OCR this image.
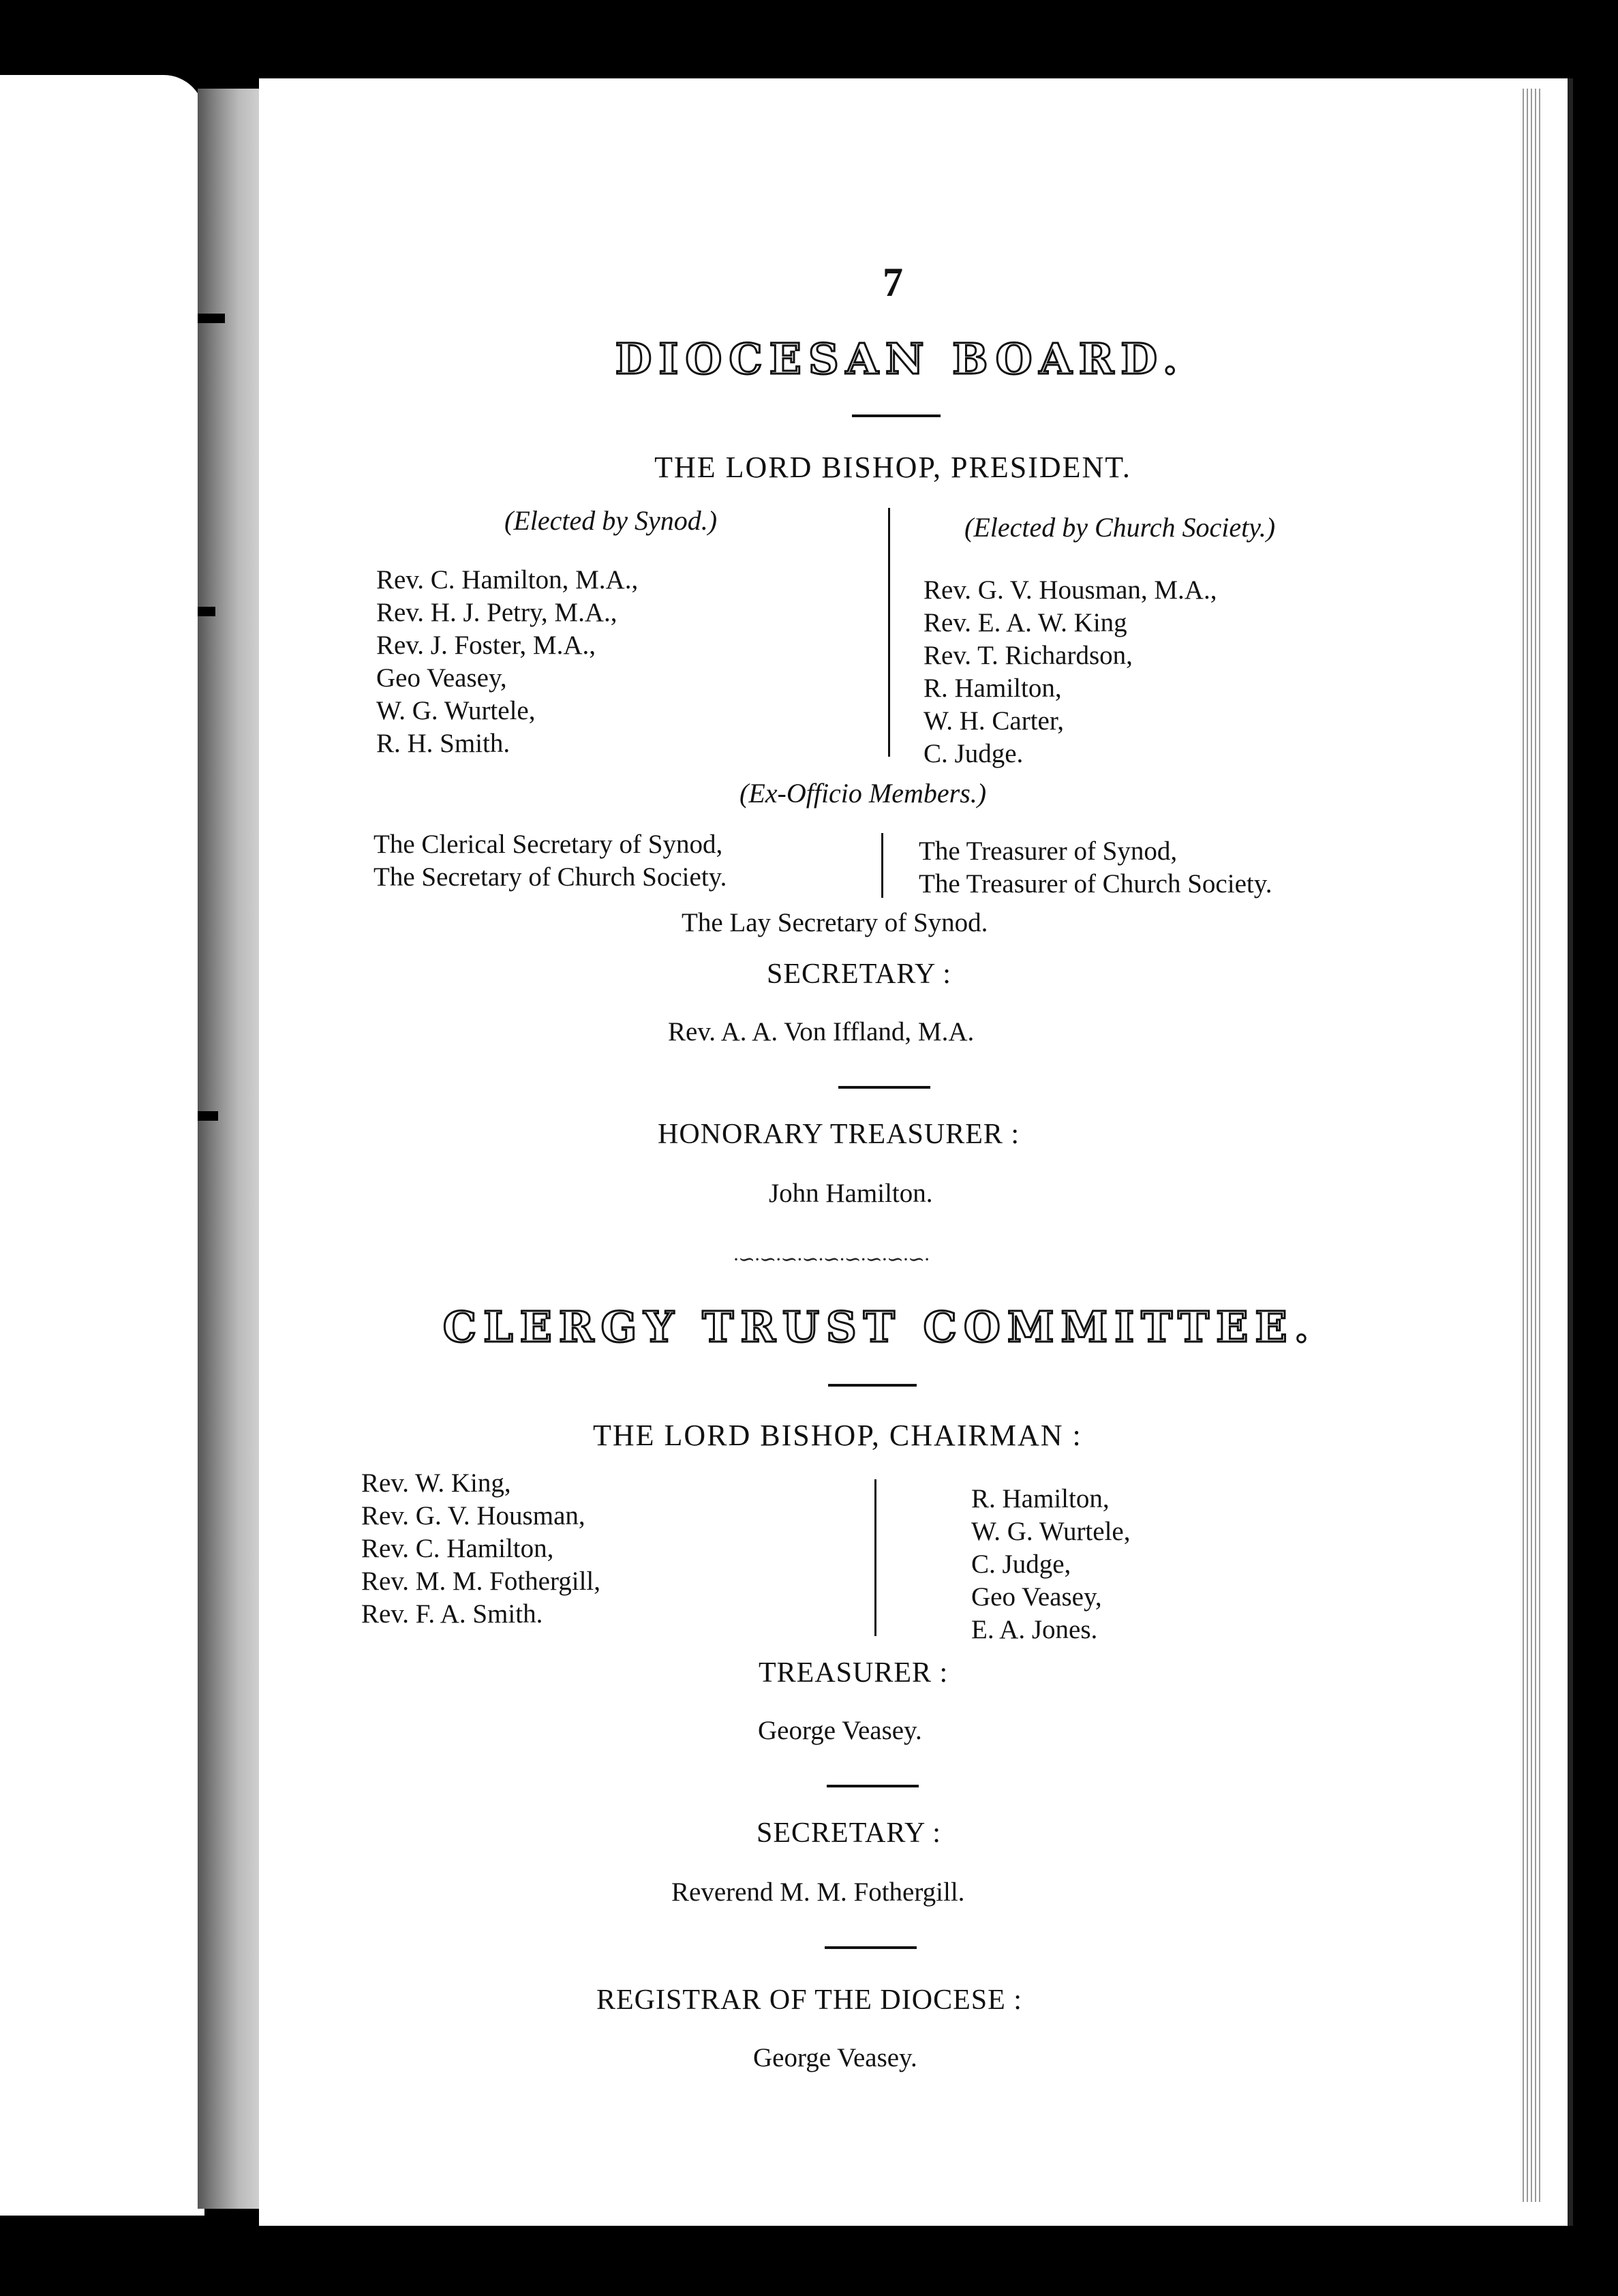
7
DIOCESAN BOARD.
THE LORD BISHOP, PRESIDENT.
(Elected by Synod.)	(Elected by Church Society.)
Rev. C. Hamilton, M.A.,
Rev. H. J. Petry, M.A.,
Rev. J. Foster, M.A.,
Geo Veasey,
W. G. Wurtele,
R. H. Smith.
Rev. G. V. Housman, M.A.,
Rev. E. A. W. King
Rev. T. Richardson,
R. Hamilton,
W. H. Carter,
C. Judge.
(Ex-Officio Members.)
The Clerical Secretary of Synod,
The Secretary of Church Society.
The Treasurer of Synod,
The Treasurer of Church Society.
The Lay Secretary of Synod.
SECRETARY :
Rev. A. A. Von Iffland, M.A.
HONORARY TREASURER :
John Hamilton.
·∽·∽·∽·∽·∽·∽·∽·∽·∽·
CLERGY TRUST COMMITTEE.
THE LORD BISHOP, CHAIRMAN :
Rev. W. King,
Rev. G. V. Housman,
Rev. C. Hamilton,
Rev. M. M. Fothergill,
Rev. F. A. Smith.
R. Hamilton,
W. G. Wurtele,
C. Judge,
Geo Veasey,
E. A. Jones.
TREASURER :
George Veasey.
SECRETARY :
Reverend M. M. Fothergill.
REGISTRAR OF THE DIOCESE :
George Veasey.
